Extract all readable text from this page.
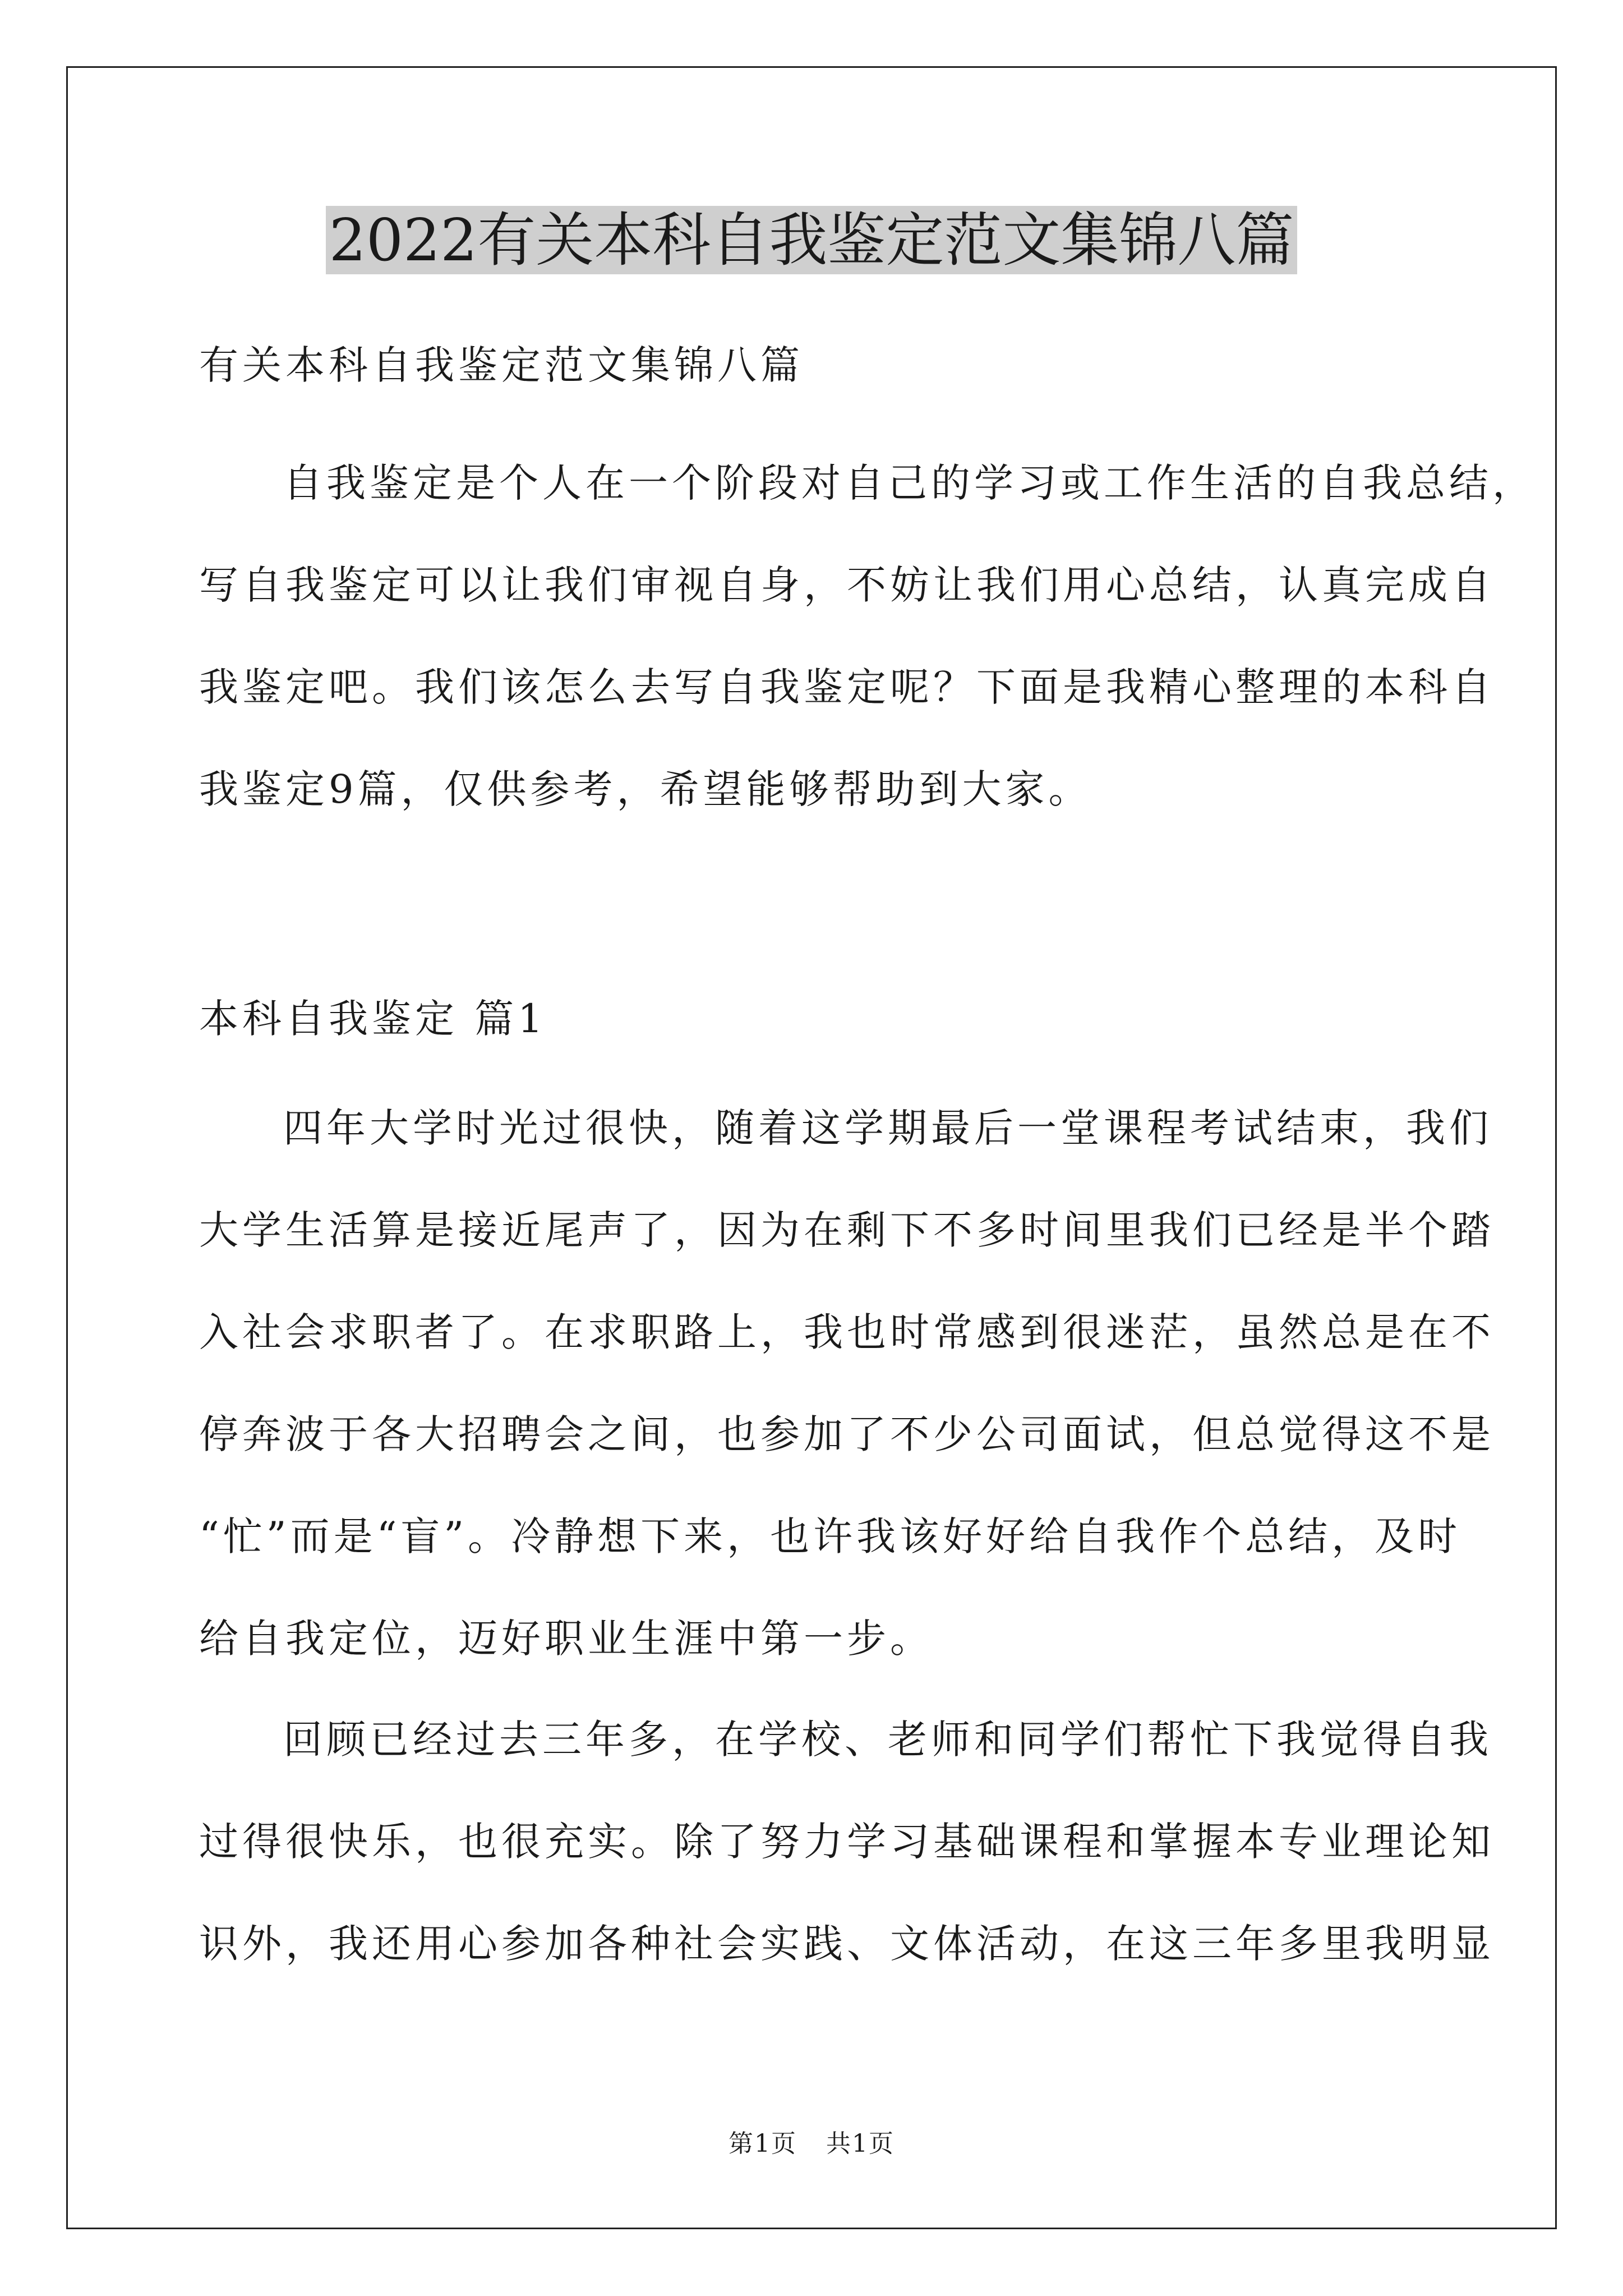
2022有关本科自我鉴定范文集锦八篇
有关本科自我鉴定范文集锦八篇
自我鉴定是个人在一个阶段对自己的学习或工作生活的自我总结，
写自我鉴定可以让我们审视自身，不妨让我们用心总结，认真完成自
我鉴定吧。我们该怎么去写自我鉴定呢？下面是我精心整理的本科自
我鉴定9篇，仅供参考，希望能够帮助到大家。
本科自我鉴定 篇1
四年大学时光过很快，随着这学期最后一堂课程考试结束，我们
大学生活算是接近尾声了，因为在剩下不多时间里我们已经是半个踏
入社会求职者了。在求职路上，我也时常感到很迷茫，虽然总是在不
停奔波于各大招聘会之间，也参加了不少公司面试，但总觉得这不是
“忙”而是“盲”。冷静想下来，也许我该好好给自我作个总结，及时
给自我定位，迈好职业生涯中第一步。
回顾已经过去三年多，在学校、老师和同学们帮忙下我觉得自我
过得很快乐，也很充实。除了努力学习基础课程和掌握本专业理论知
识外，我还用心参加各种社会实践、文体活动，在这三年多里我明显
第1页 共1页
